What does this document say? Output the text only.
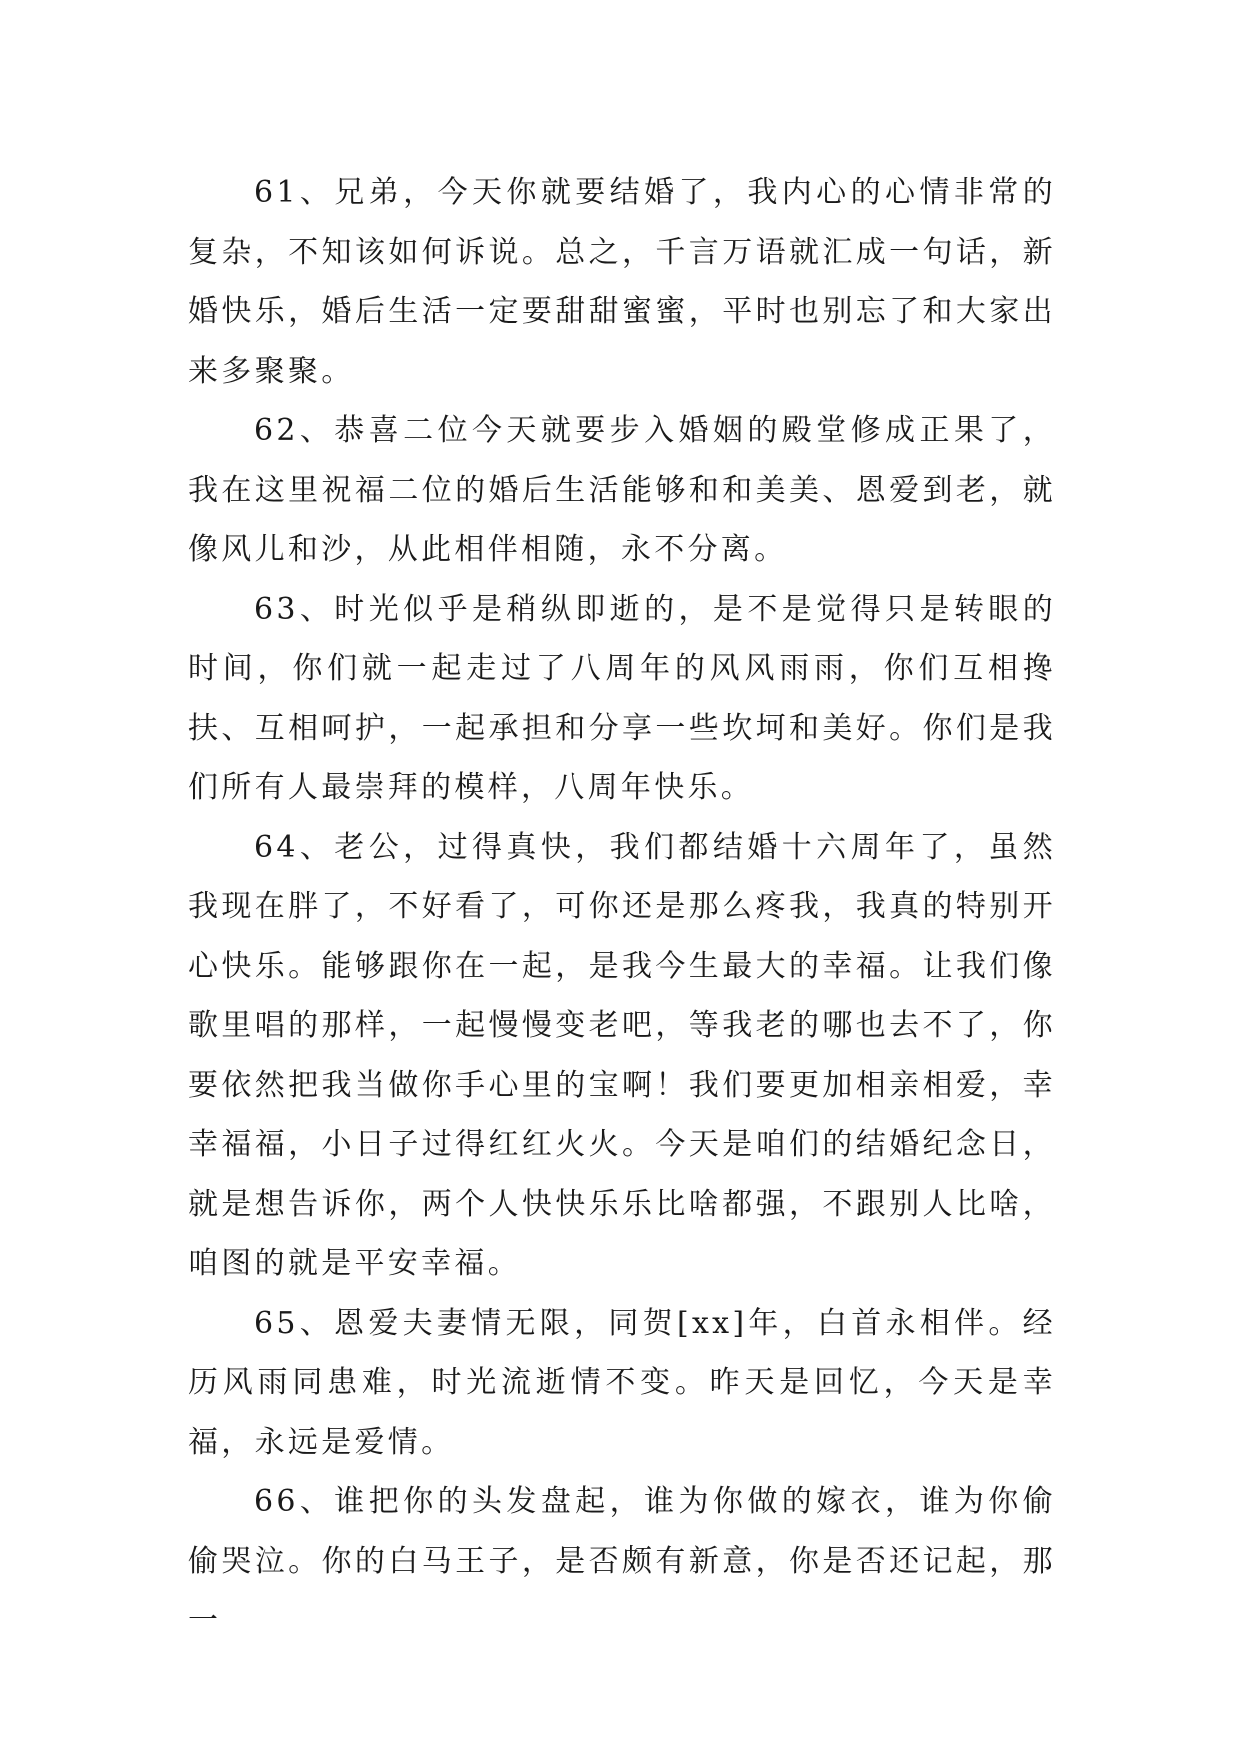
61、兄弟，今天你就要结婚了，我内心的心情非常的复杂，不知该如何诉说。总之，千言万语就汇成一句话，新婚快乐，婚后生活一定要甜甜蜜蜜，平时也别忘了和大家出来多聚聚。

62、恭喜二位今天就要步入婚姻的殿堂修成正果了，我在这里祝福二位的婚后生活能够和和美美、恩爱到老，就像风儿和沙，从此相伴相随，永不分离。

63、时光似乎是稍纵即逝的，是不是觉得只是转眼的时间，你们就一起走过了八周年的风风雨雨，你们互相搀扶、互相呵护，一起承担和分享一些坎坷和美好。你们是我们所有人最崇拜的模样，八周年快乐。

64、老公，过得真快，我们都结婚十六周年了，虽然我现在胖了，不好看了，可你还是那么疼我，我真的特别开心快乐。能够跟你在一起，是我今生最大的幸福。让我们像歌里唱的那样，一起慢慢变老吧，等我老的哪也去不了，你要依然把我当做你手心里的宝啊！我们要更加相亲相爱，幸幸福福，小日子过得红红火火。今天是咱们的结婚纪念日，就是想告诉你，两个人快快乐乐比啥都强，不跟别人比啥，咱图的就是平安幸福。

65、恩爱夫妻情无限，同贺[xx]年，白首永相伴。经历风雨同患难，时光流逝情不变。昨天是回忆，今天是幸福，永远是爱情。

66、谁把你的头发盘起，谁为你做的嫁衣，谁为你偷偷哭泣。你的白马王子，是否颇有新意，你是否还记起，那一
